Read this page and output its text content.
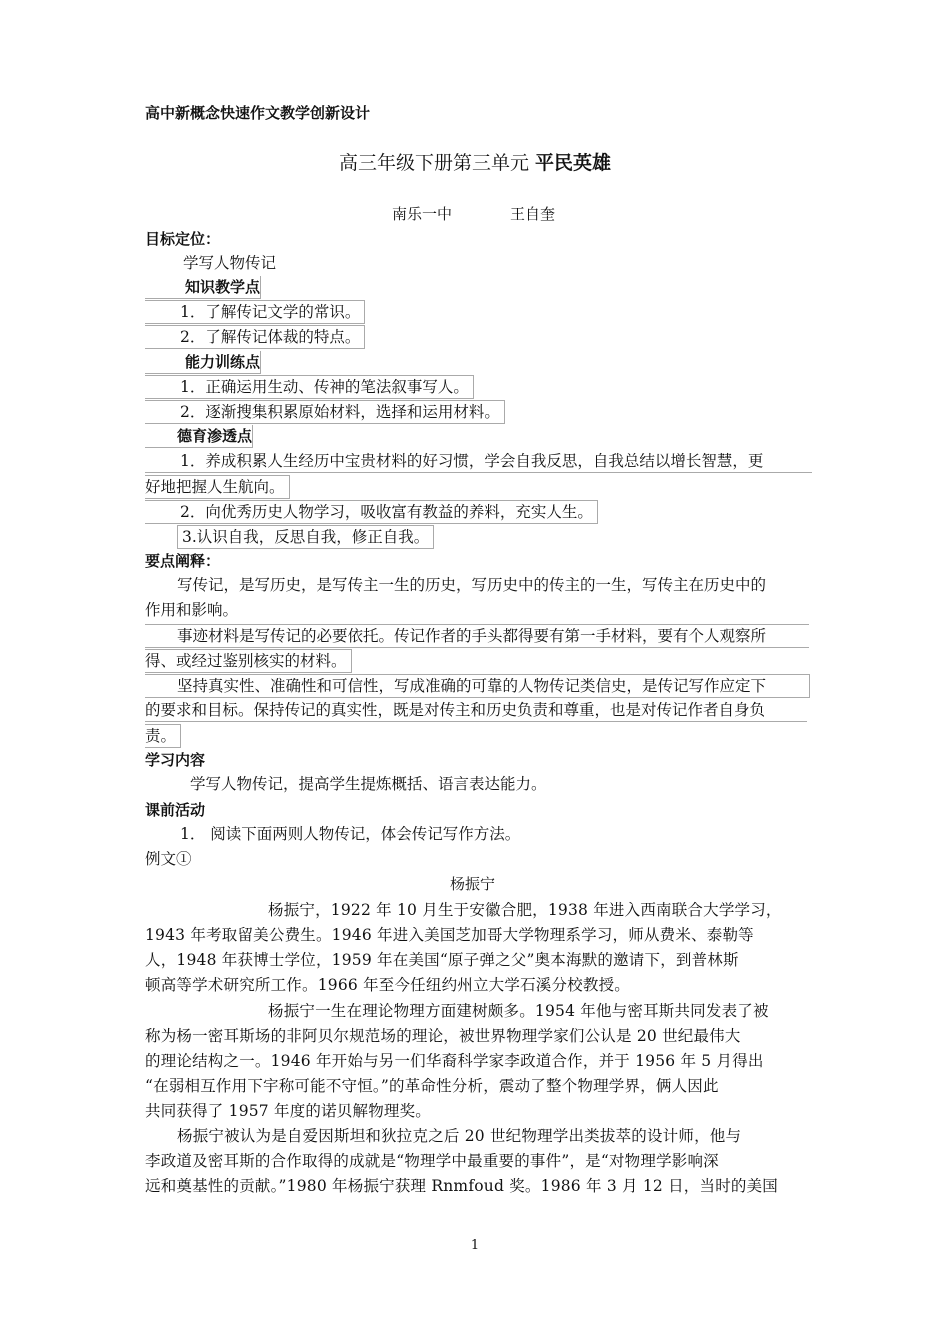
高中新概念快速作文教学创新设计
高三年级下册第三单元 平民英雄
南乐一中	王自奎
目标定位：
学写人物传记
知识教学点
1．了解传记文学的常识。
2．了解传记体裁的特点。
能力训练点
1．正确运用生动、传神的笔法叙事写人。
2．逐渐搜集积累原始材料，选择和运用材料。
德育渗透点
1．养成积累人生经历中宝贵材料的好习惯，学会自我反思，自我总结以增长智慧，更
好地把握人生航向。
2．向优秀历史人物学习，吸收富有教益的养料，充实人生。
3.认识自我，反思自我，修正自我。
要点阐释：
写传记，是写历史，是写传主一生的历史，写历史中的传主的一生，写传主在历史中的
作用和影响。
事迹材料是写传记的必要依托。传记作者的手头都得要有第一手材料，要有个人观察所
得、或经过鉴别核实的材料。
坚持真实性、准确性和可信性，写成准确的可靠的人物传记类信史，是传记写作应定下
的要求和目标。保持传记的真实性，既是对传主和历史负责和尊重，也是对传记作者自身负
责。
学习内容
学写人物传记，提高学生提炼概括、语言表达能力。
课前活动
1． 阅读下面两则人物传记，体会传记写作方法。
例文①
杨振宁
杨振宁，1922 年 10 月生于安徽合肥，1938 年进入西南联合大学学习，
1943 年考取留美公费生。1946 年进入美国芝加哥大学物理系学习，师从费米、泰勒等
人，1948 年获博士学位，1959 年在美国“原子弹之父”奥本海默的邀请下，到普林斯
顿高等学术研究所工作。1966 年至今任纽约州立大学石溪分校教授。
杨振宁一生在理论物理方面建树颇多。1954 年他与密耳斯共同发表了被
称为杨一密耳斯场的非阿贝尔规范场的理论，被世界物理学家们公认是 20 世纪最伟大
的理论结构之一。1946 年开始与另一们华裔科学家李政道合作，并于 1956 年 5 月得出
“在弱相互作用下宇称可能不守恒。”的革命性分析，震动了整个物理学界，俩人因此
共同获得了 1957 年度的诺贝解物理奖。
杨振宁被认为是自爱因斯坦和狄拉克之后 20 世纪物理学出类拔萃的设计师，他与
李政道及密耳斯的合作取得的成就是“物理学中最重要的事件”，是“对物理学影响深
远和奠基性的贡献。”1980 年杨振宁获理 Rnmfoud 奖。1986 年 3 月 12 日，当时的美国
1
